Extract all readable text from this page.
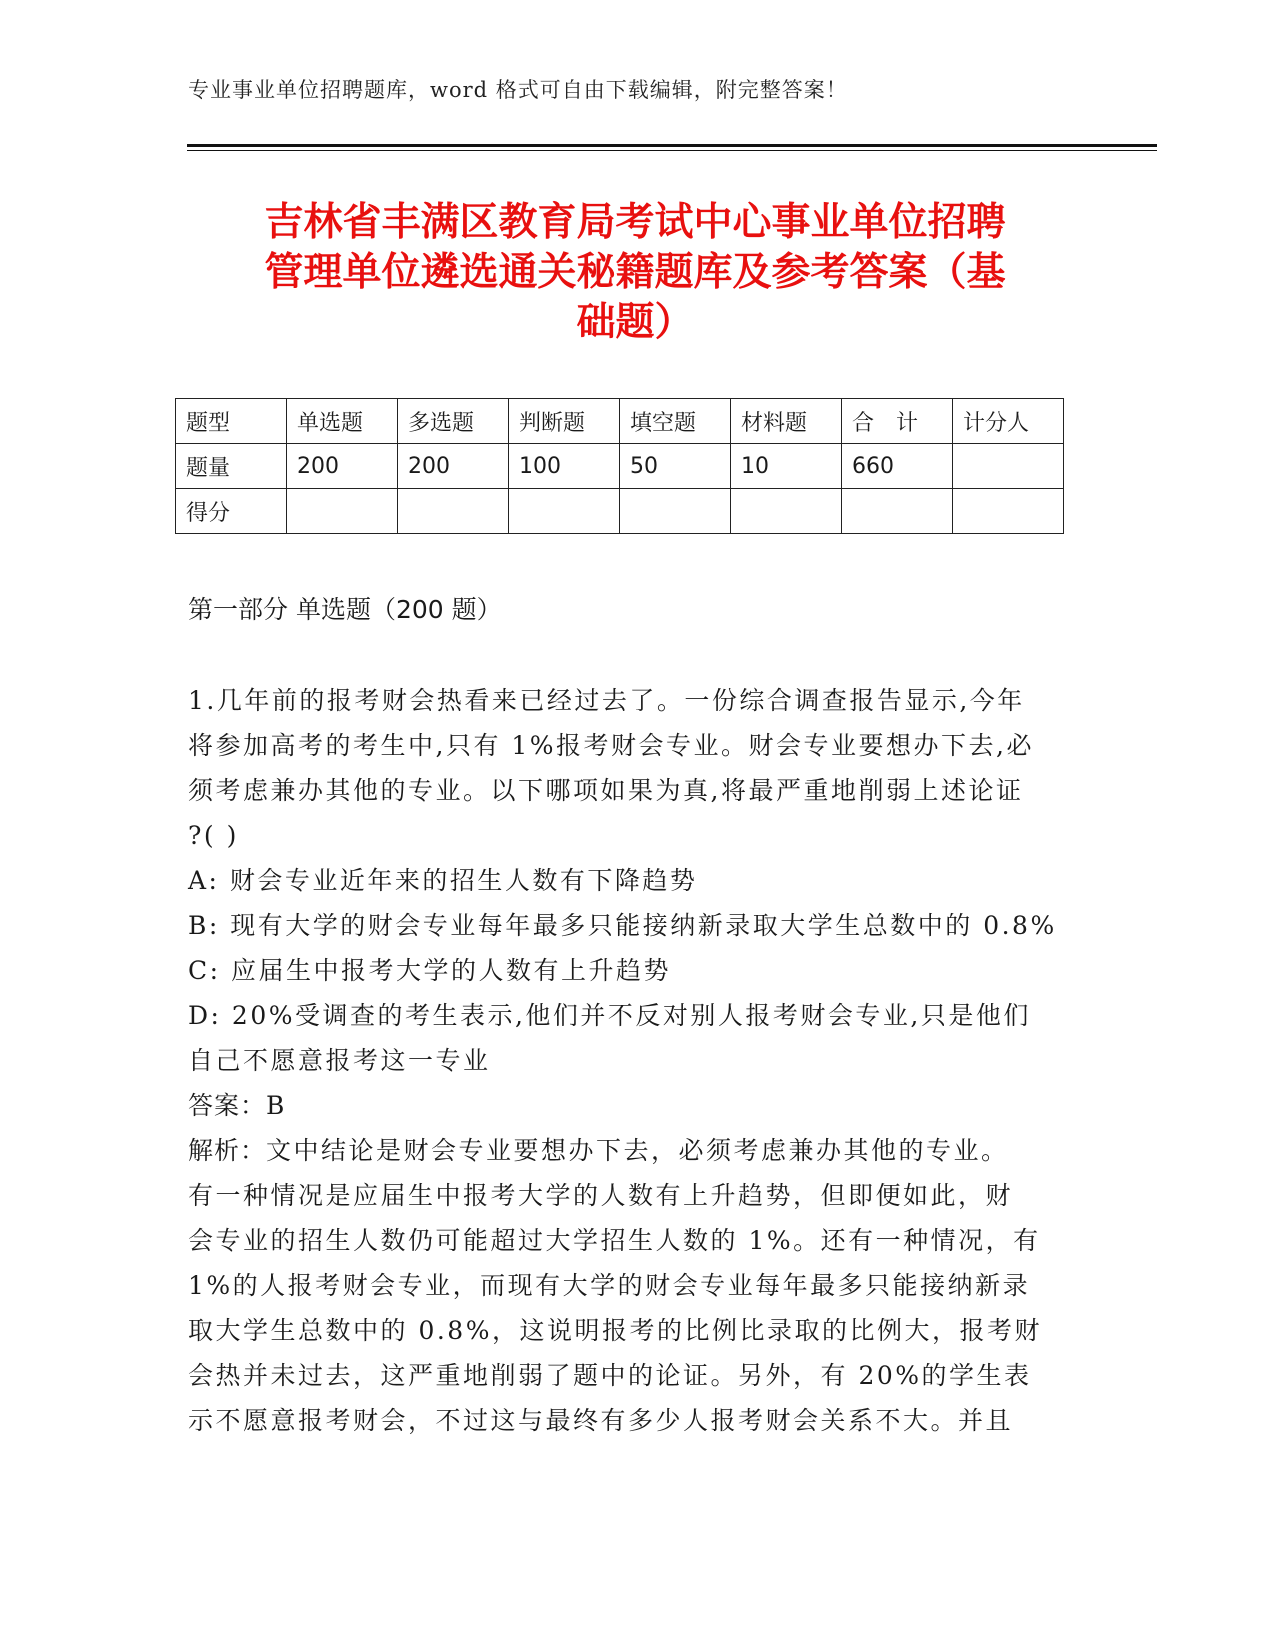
专业事业单位招聘题库，word 格式可自由下载编辑，附完整答案！
吉林省丰满区教育局考试中心事业单位招聘
管理单位遴选通关秘籍题库及参考答案（基
础题）
题型	单选题	多选题	判断题	填空题	材料题	合　计	计分人
题量	200	200	100	50	10	660	
得分							
第一部分 单选题（200 题）
1.几年前的报考财会热看来已经过去了。一份综合调查报告显示,今年
将参加高考的考生中,只有 1%报考财会专业。财会专业要想办下去,必
须考虑兼办其他的专业。以下哪项如果为真,将最严重地削弱上述论证
?( )
A: 财会专业近年来的招生人数有下降趋势
B: 现有大学的财会专业每年最多只能接纳新录取大学生总数中的 0.8%
C: 应届生中报考大学的人数有上升趋势
D: 20%受调查的考生表示,他们并不反对别人报考财会专业,只是他们
自己不愿意报考这一专业
答案：B
解析：文中结论是财会专业要想办下去，必须考虑兼办其他的专业。
有一种情况是应届生中报考大学的人数有上升趋势，但即便如此，财
会专业的招生人数仍可能超过大学招生人数的 1%。还有一种情况，有
1%的人报考财会专业，而现有大学的财会专业每年最多只能接纳新录
取大学生总数中的 0.8%，这说明报考的比例比录取的比例大，报考财
会热并未过去，这严重地削弱了题中的论证。另外，有 20%的学生表
示不愿意报考财会，不过这与最终有多少人报考财会关系不大。并且
